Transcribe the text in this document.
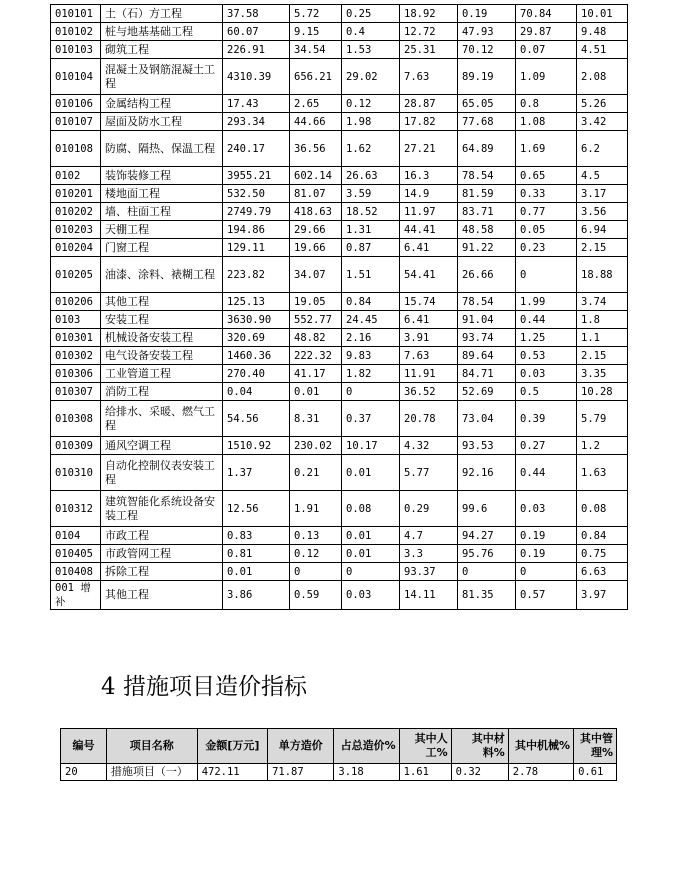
010101	土（石）方工程	37.58	5.72	0.25	18.92	0.19	70.84	10.01
010102	桩与地基基础工程	60.07	9.15	0.4	12.72	47.93	29.87	9.48
010103	砌筑工程	226.91	34.54	1.53	25.31	70.12	0.07	4.51
010104	混凝土及钢筋混凝土工程	4310.39	656.21	29.02	7.63	89.19	1.09	2.08
010106	金属结构工程	17.43	2.65	0.12	28.87	65.05	0.8	5.26
010107	屋面及防水工程	293.34	44.66	1.98	17.82	77.68	1.08	3.42
010108	防腐、隔热、保温工程	240.17	36.56	1.62	27.21	64.89	1.69	6.2
0102	装饰装修工程	3955.21	602.14	26.63	16.3	78.54	0.65	4.5
010201	楼地面工程	532.50	81.07	3.59	14.9	81.59	0.33	3.17
010202	墙、柱面工程	2749.79	418.63	18.52	11.97	83.71	0.77	3.56
010203	天棚工程	194.86	29.66	1.31	44.41	48.58	0.05	6.94
010204	门窗工程	129.11	19.66	0.87	6.41	91.22	0.23	2.15
010205	油漆、涂料、裱糊工程	223.82	34.07	1.51	54.41	26.66	0	18.88
010206	其他工程	125.13	19.05	0.84	15.74	78.54	1.99	3.74
0103	安装工程	3630.90	552.77	24.45	6.41	91.04	0.44	1.8
010301	机械设备安装工程	320.69	48.82	2.16	3.91	93.74	1.25	1.1
010302	电气设备安装工程	1460.36	222.32	9.83	7.63	89.64	0.53	2.15
010306	工业管道工程	270.40	41.17	1.82	11.91	84.71	0.03	3.35
010307	消防工程	0.04	0.01	0	36.52	52.69	0.5	10.28
010308	给排水、采暖、燃气工程	54.56	8.31	0.37	20.78	73.04	0.39	5.79
010309	通风空调工程	1510.92	230.02	10.17	4.32	93.53	0.27	1.2
010310	自动化控制仪表安装工程	1.37	0.21	0.01	5.77	92.16	0.44	1.63
010312	建筑智能化系统设备安装工程	12.56	1.91	0.08	0.29	99.6	0.03	0.08
0104	市政工程	0.83	0.13	0.01	4.7	94.27	0.19	0.84
010405	市政管网工程	0.81	0.12	0.01	3.3	95.76	0.19	0.75
010408	拆除工程	0.01	0	0	93.37	0	0	6.63
001 增补	其他工程	3.86	0.59	0.03	14.11	81.35	0.57	3.97
4 措施项目造价指标
编号	项目名称	金额[万元]	单方造价	占总造价%	其中人工%	其中材料%	其中机械%	其中管理%
20	措施项目（一）	472.11	71.87	3.18	1.61	0.32	2.78	0.61
